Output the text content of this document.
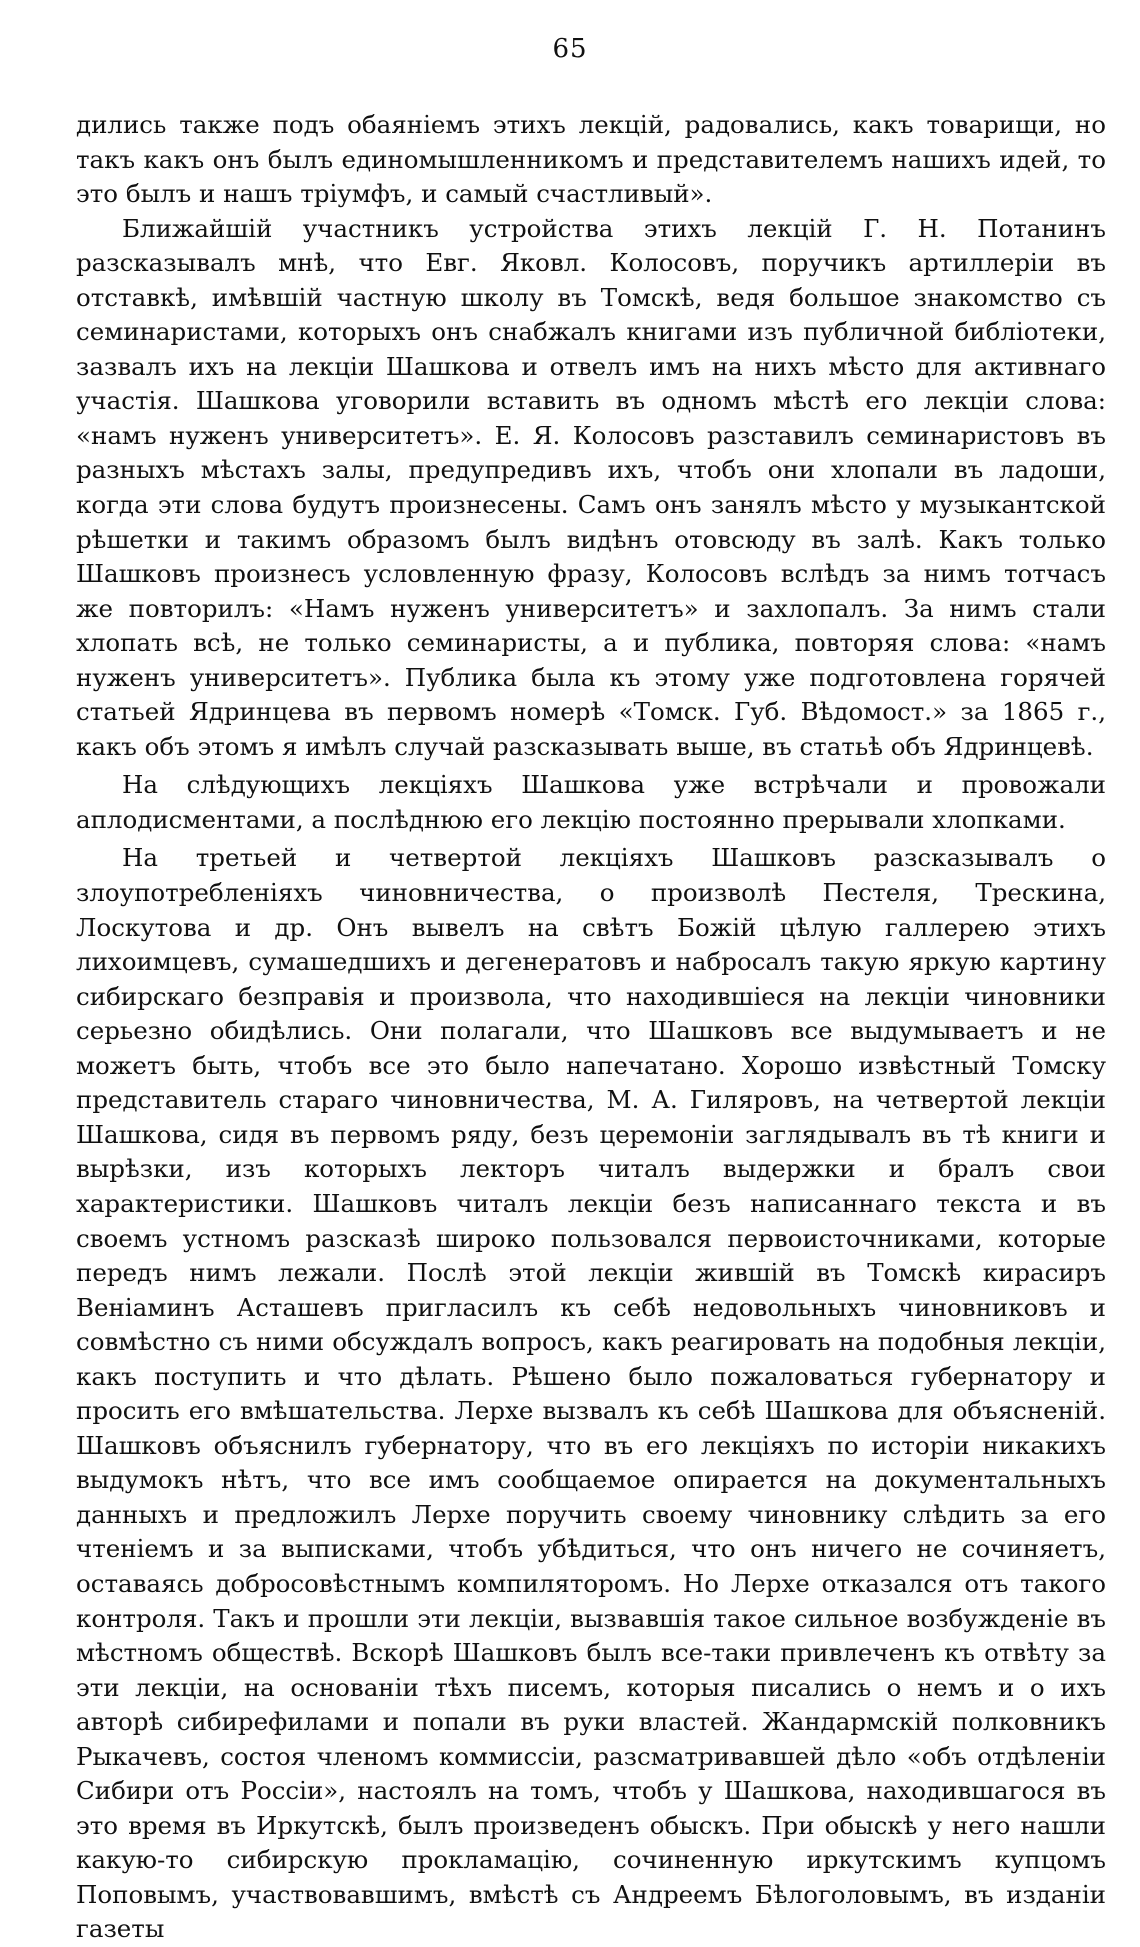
65

дились также подъ обаяніемъ этихъ лекцій, радовались, какъ товарищи, но такъ какъ онъ былъ единомышленникомъ и представителемъ нашихъ идей, то это былъ и нашъ тріумфъ, и самый счастливый».

Ближайшій участникъ устройства этихъ лекцій Г. Н. Потанинъ разсказывалъ мнѣ, что Евг. Яковл. Колосовъ, поручикъ артиллеріи въ отставкѣ, имѣвшій частную школу въ Томскѣ, ведя большое знакомство съ семинаристами, которыхъ онъ снабжалъ книгами изъ публичной библіотеки, зазвалъ ихъ на лекціи Шашкова и отвелъ имъ на нихъ мѣсто для активнаго участія. Шашкова уговорили вставить въ одномъ мѣстѣ его лекціи слова: «намъ нуженъ университетъ». Е. Я. Колосовъ разставилъ семинаристовъ въ разныхъ мѣстахъ залы, предупредивъ ихъ, чтобъ они хлопали въ ладоши, когда эти слова будутъ произнесены. Самъ онъ занялъ мѣсто у музыкантской рѣшетки и такимъ образомъ былъ видѣнъ отовсюду въ залѣ. Какъ только Шашковъ произнесъ условленную фразу, Колосовъ вслѣдъ за нимъ тотчасъ же повторилъ: «Намъ нуженъ университетъ» и захлопалъ. За нимъ стали хлопать всѣ, не только семинаристы, а и публика, повторяя слова: «намъ нуженъ университетъ». Публика была къ этому уже подготовлена горячей статьей Ядринцева въ первомъ номерѣ «Томск. Губ. Вѣдомост.» за 1865 г., какъ объ этомъ я имѣлъ случай разсказывать выше, въ статьѣ объ Ядринцевѣ.

На слѣдующихъ лекціяхъ Шашкова уже встрѣчали и провожали аплодисментами, а послѣднюю его лекцію постоянно прерывали хлопками.

На третьей и четвертой лекціяхъ Шашковъ разсказывалъ о злоупотребленіяхъ чиновничества, о произволѣ Пестеля, Трескина, Лоскутова и др. Онъ вывелъ на свѣтъ Божій цѣлую галлерею этихъ лихоимцевъ, сумашедшихъ и дегенератовъ и набросалъ такую яркую картину сибирскаго безправія и произвола, что находившіеся на лекціи чиновники серьезно обидѣлись. Они полагали, что Шашковъ все выдумываетъ и не можетъ быть, чтобъ все это было напечатано. Хорошо извѣстный Томску представитель стараго чиновничества, М. А. Гиляровъ, на четвертой лекціи Шашкова, сидя въ первомъ ряду, безъ церемоніи заглядывалъ въ тѣ книги и вырѣзки, изъ которыхъ лекторъ читалъ выдержки и бралъ свои характеристики. Шашковъ читалъ лекціи безъ написаннаго текста и въ своемъ устномъ разсказѣ широко пользовался первоисточниками, которые передъ нимъ лежали. Послѣ этой лекціи жившій въ Томскѣ кирасиръ Веніаминъ Асташевъ пригласилъ къ себѣ недовольныхъ чиновниковъ и совмѣстно съ ними обсуждалъ вопросъ, какъ реагировать на подобныя лекціи, какъ поступить и что дѣлать. Рѣшено было пожаловаться губернатору и просить его вмѣшательства. Лерхе вызвалъ къ себѣ Шашкова для объясненій. Шашковъ объяснилъ губернатору, что въ его лекціяхъ по исторіи никакихъ выдумокъ нѣтъ, что все имъ сообщаемое опирается на документальныхъ данныхъ и предложилъ Лерхе поручить своему чиновнику слѣдить за его чтеніемъ и за выписками, чтобъ убѣдиться, что онъ ничего не сочиняетъ, оставаясь добросовѣстнымъ компиляторомъ. Но Лерхе отказался отъ такого контроля. Такъ и прошли эти лекціи, вызвавшія такое сильное возбужденіе въ мѣстномъ обществѣ. Вскорѣ Шашковъ былъ все-таки привлеченъ къ отвѣту за эти лекціи, на основаніи тѣхъ писемъ, которыя писались о немъ и о ихъ авторѣ сибирефилами и попали въ руки властей. Жандармскій полковникъ Рыкачевъ, состоя членомъ коммиссіи, разсматривавшей дѣло «объ отдѣленіи Сибири отъ Россіи», настоялъ на томъ, чтобъ у Шашкова, находившагося въ это время въ Иркутскѣ, былъ произведенъ обыскъ. При обыскѣ у него нашли какую-то сибирскую прокламацію, сочиненную иркутскимъ купцомъ Поповымъ, участвовавшимъ, вмѣстѣ съ Андреемъ Бѣлоголовымъ, въ изданіи газеты
